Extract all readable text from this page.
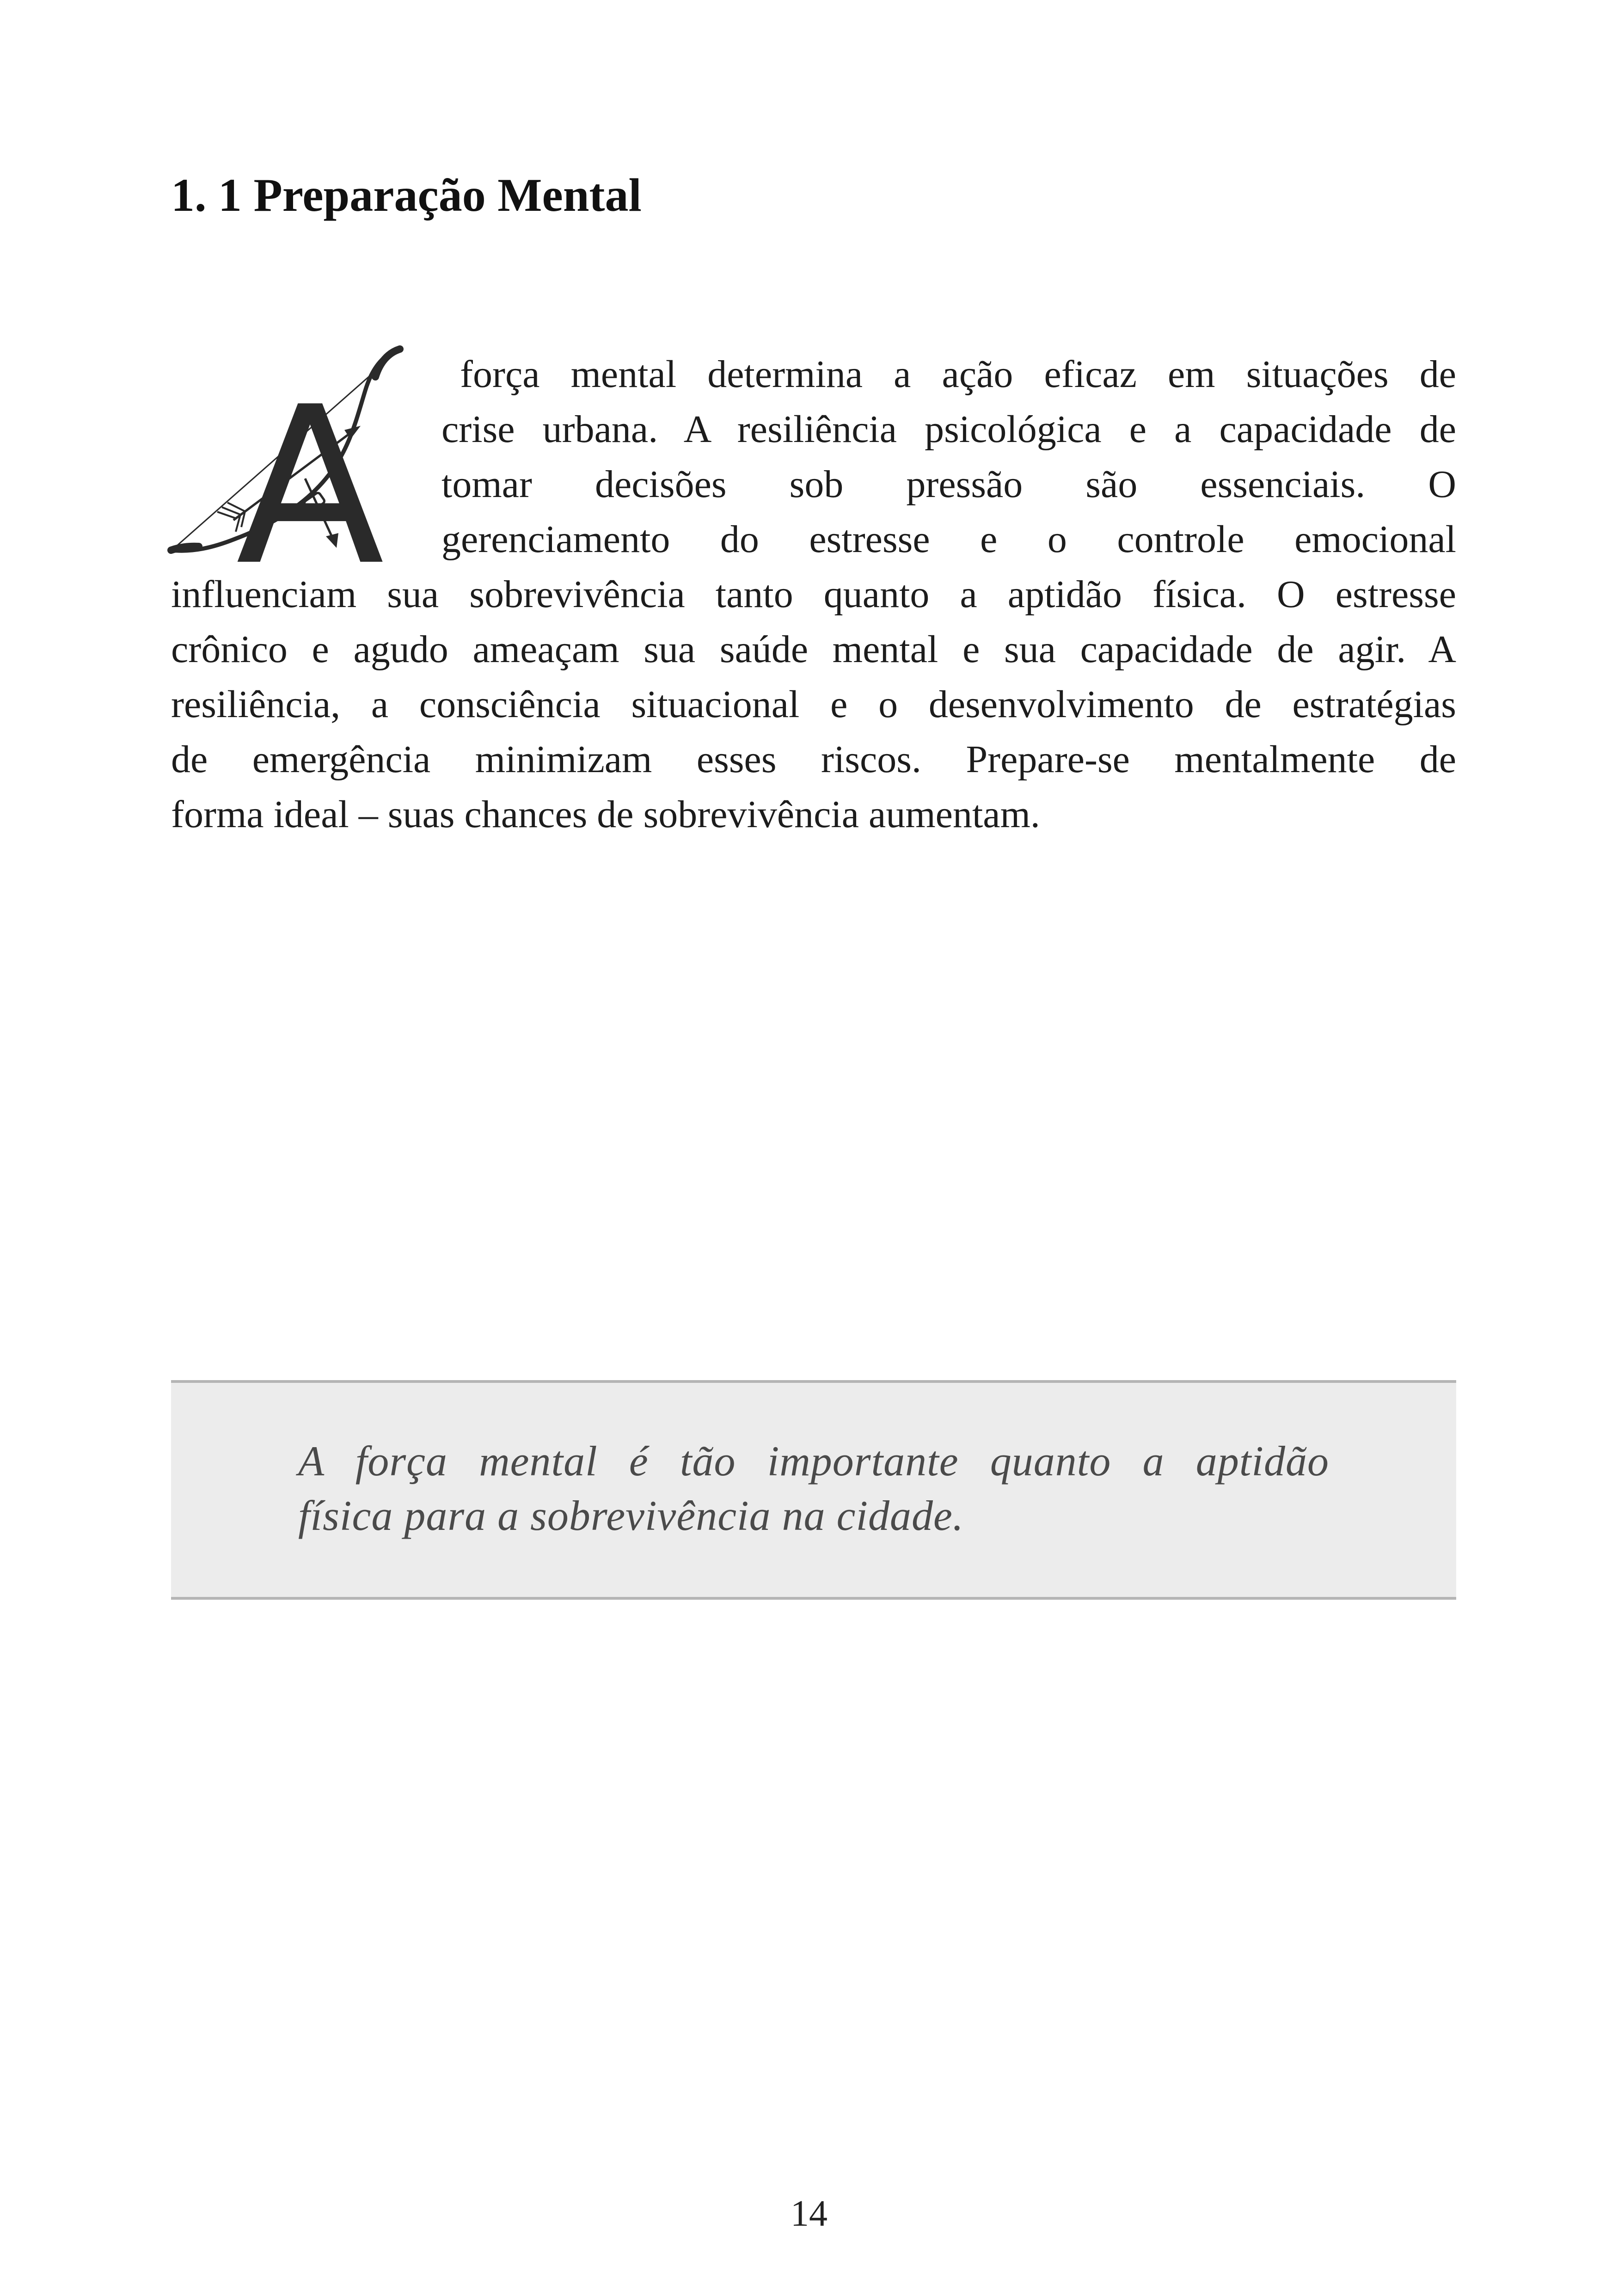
1. 1 Preparação Mental
A	força mental determina a ação eficaz em situações de
crise urbana. A resiliência psicológica e a capacidade de
tomar decisões sob pressão são essenciais. O
gerenciamento do estresse e o controle emocional
influenciam sua sobrevivência tanto quanto a aptidão física. O estresse
crônico e agudo ameaçam sua saúde mental e sua capacidade de agir. A
resiliência, a consciência situacional e o desenvolvimento de estratégias
de emergência minimizam esses riscos. Prepare-se mentalmente de
forma ideal – suas chances de sobrevivência aumentam.

A força mental é tão importante quanto a aptidão
física para a sobrevivência na cidade.

14
